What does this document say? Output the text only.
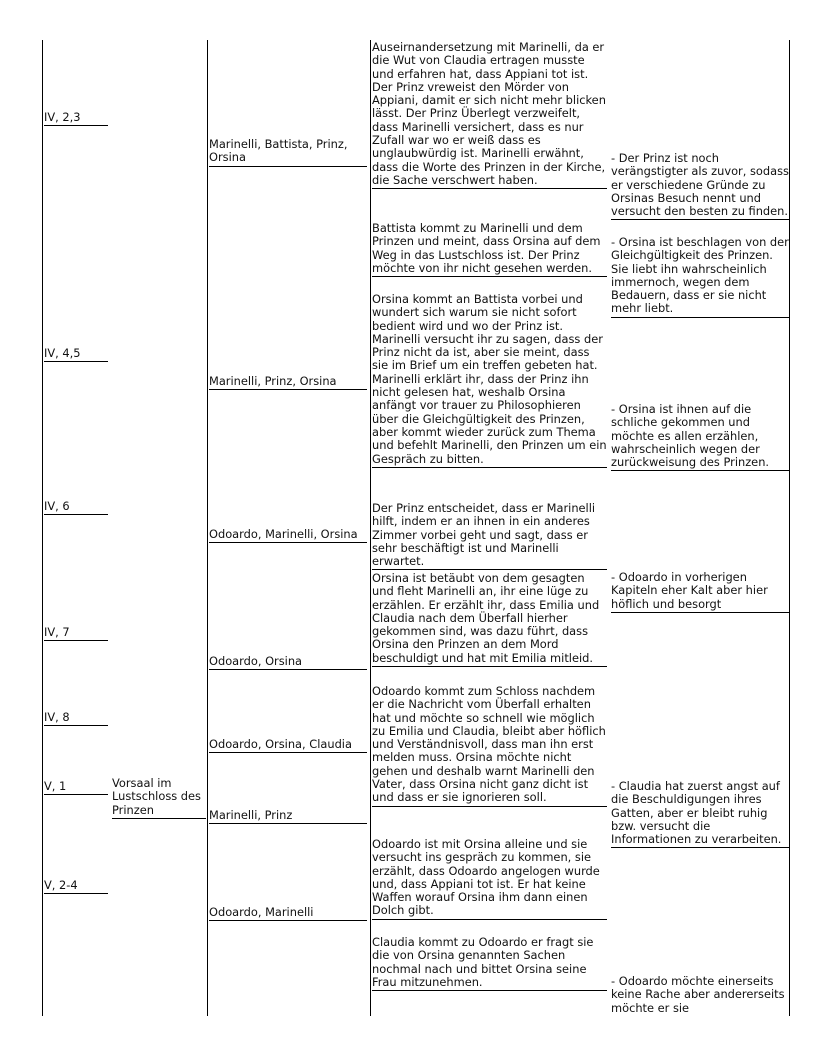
IV, 2,3
IV, 4,5
IV, 6
IV, 7
IV, 8
V, 1
V, 2-4
Vorsaal im Lustschloss des Prinzen
Marinelli, Battista, Prinz, Orsina
Marinelli, Prinz, Orsina
Odoardo, Marinelli, Orsina
Odoardo, Orsina
Odoardo, Orsina, Claudia
Marinelli, Prinz
Odoardo, Marinelli
Auseirnandersetzung mit Marinelli, da er die Wut von Claudia ertragen musste und erfahren hat, dass Appiani tot ist. Der Prinz vreweist den Mörder von Appiani, damit er sich nicht mehr blicken lässt. Der Prinz Überlegt verzweifelt, dass Marinelli versichert, dass es nur Zufall war wo er weiß dass es unglaubwürdig ist. Marinelli erwähnt, dass die Worte des Prinzen in der Kirche, die Sache verschwert haben.
Battista kommt zu Marinelli und dem Prinzen und meint, dass Orsina auf dem Weg in das Lustschloss ist. Der Prinz möchte von ihr nicht gesehen werden.
Orsina kommt an Battista vorbei und wundert sich warum sie nicht sofort bedient wird und wo der Prinz ist. Marinelli versucht ihr zu sagen, dass der Prinz nicht da ist, aber sie meint, dass sie im Brief um ein treffen gebeten hat. Marinelli erklärt ihr, dass der Prinz ihn nicht gelesen hat, weshalb Orsina anfängt vor trauer zu Philosophieren über die Gleichgültigkeit des Prinzen, aber kommt wieder zurück zum Thema und befehlt Marinelli, den Prinzen um ein Gespräch zu bitten.
Der Prinz entscheidet, dass er Marinelli hilft, indem er an ihnen in ein anderes Zimmer vorbei geht und sagt, dass er sehr beschäftigt ist und Marinelli erwartet.
Orsina ist betäubt von dem gesagten und fleht Marinelli an, ihr eine lüge zu erzählen. Er erzählt ihr, dass Emilia und Claudia nach dem Überfall hierher gekommen sind, was dazu führt, dass Orsina den Prinzen an dem Mord beschuldigt und hat mit Emilia mitleid.
Odoardo kommt zum Schloss nachdem er die Nachricht vom Überfall erhalten hat und möchte so schnell wie möglich zu Emilia und Claudia, bleibt aber höflich und Verständnisvoll, dass man ihn erst melden muss. Orsina möchte nicht gehen und deshalb warnt Marinelli den Vater, dass Orsina nicht ganz dicht ist und dass er sie ignorieren soll.
Odoardo ist mit Orsina alleine und sie versucht ins gespräch zu kommen, sie erzählt, dass Odoardo angelogen wurde und, dass Appiani tot ist. Er hat keine Waffen worauf Orsina ihm dann einen Dolch gibt.
Claudia kommt zu Odoardo er fragt sie die von Orsina genannten Sachen nochmal nach und bittet Orsina seine Frau mitzunehmen.
- Der Prinz ist noch verängstigter als zuvor, sodass er verschiedene Gründe zu Orsinas Besuch nennt und versucht den besten zu finden.
- Orsina ist beschlagen von der Gleichgültigkeit des Prinzen. Sie liebt ihn wahrscheinlich immernoch, wegen dem Bedauern, dass er sie nicht mehr liebt.
- Orsina ist ihnen auf die schliche gekommen und möchte es allen erzählen, wahrscheinlich wegen der zurückweisung des Prinzen.
- Odoardo in vorherigen Kapiteln eher Kalt aber hier höflich und besorgt
- Claudia hat zuerst angst auf die Beschuldigungen ihres Gatten, aber er bleibt ruhig bzw. versucht die Informationen zu verarbeiten.
- Odoardo möchte einerseits keine Rache aber andererseits möchte er sie
